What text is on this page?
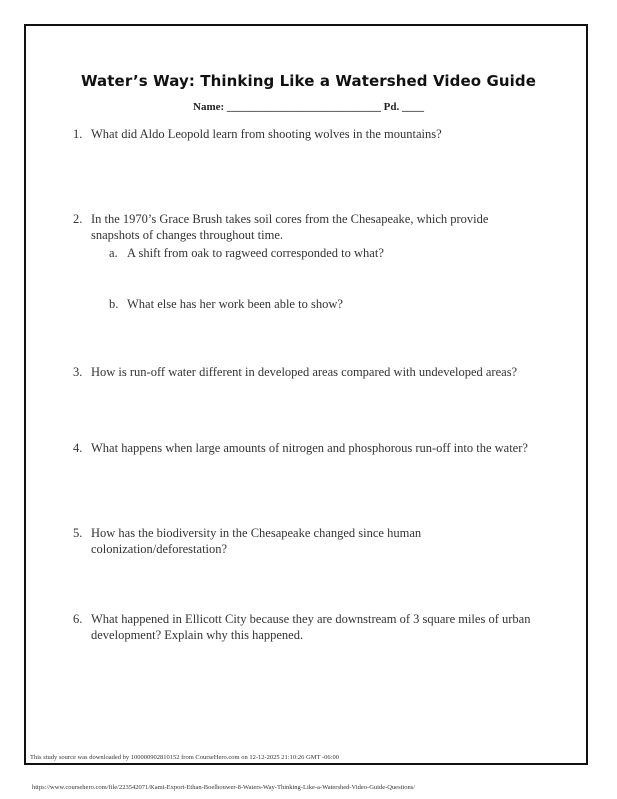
Water’s Way: Thinking Like a Watershed Video Guide
Name: ____________________________ Pd. ____
1. What did Aldo Leopold learn from shooting wolves in the mountains?
2. In the 1970’s Grace Brush takes soil cores from the Chesapeake, which provide snapshots of changes throughout time.
a. A shift from oak to ragweed corresponded to what?
b. What else has her work been able to show?
3. How is run-off water different in developed areas compared with undeveloped areas?
4. What happens when large amounts of nitrogen and phosphorous run-off into the water?
5. How has the biodiversity in the Chesapeake changed since human colonization/deforestation?
6. What happened in Ellicott City because they are downstream of 3 square miles of urban development? Explain why this happened.
This study source was downloaded by 100000902810152 from CourseHero.com on 12-12-2025 21:10:26 GMT -06:00
https://www.coursehero.com/file/223542071/Kami-Export-Ethan-Boelhouwer-8-Waters-Way-Thinking-Like-a-Watershed-Video-Guide-Questions/
